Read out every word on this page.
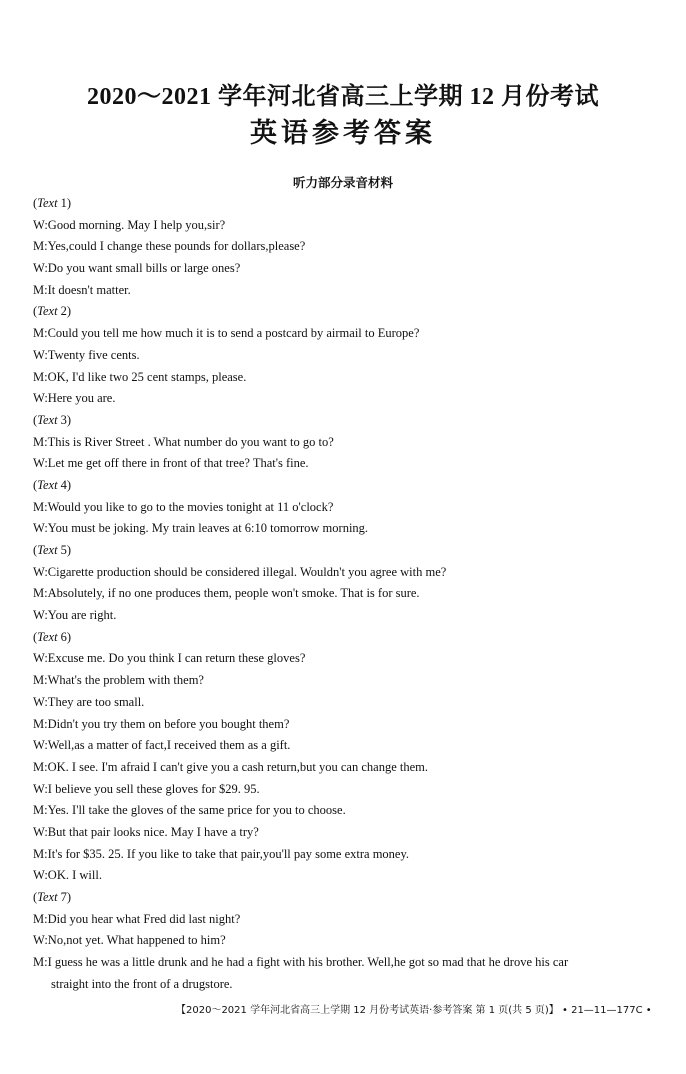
2020～2021 学年河北省高三上学期 12 月份考试
英语参考答案
听力部分录音材料
(Text 1)
W:Good morning. May I help you,sir?
M:Yes,could I change these pounds for dollars,please?
W:Do you want small bills or large ones?
M:It doesn't matter.
(Text 2)
M:Could you tell me how much it is to send a postcard by airmail to Europe?
W:Twenty five cents.
M:OK, I'd like two 25 cent stamps, please.
W:Here you are.
(Text 3)
M:This is River Street . What number do you want to go to?
W:Let me get off there in front of that tree? That's fine.
(Text 4)
M:Would you like to go to the movies tonight at 11 o'clock?
W:You must be joking. My train leaves at 6:10 tomorrow morning.
(Text 5)
W:Cigarette production should be considered illegal. Wouldn't you agree with me?
M:Absolutely, if no one produces them, people won't smoke. That is for sure.
W:You are right.
(Text 6)
W:Excuse me. Do you think I can return these gloves?
M:What's the problem with them?
W:They are too small.
M:Didn't you try them on before you bought them?
W:Well,as a matter of fact,I received them as a gift.
M:OK. I see. I'm afraid I can't give you a cash return,but you can change them.
W:I believe you sell these gloves for $29. 95.
M:Yes. I'll take the gloves of the same price for you to choose.
W:But that pair looks nice. May I have a try?
M:It's for $35. 25. If you like to take that pair,you'll pay some extra money.
W:OK. I will.
(Text 7)
M:Did you hear what Fred did last night?
W:No,not yet. What happened to him?
M:I guess he was a little drunk and he had a fight with his brother. Well,he got so mad that he drove his car
straight into the front of a drugstore.
【2020～2021 学年河北省高三上学期 12 月份考试英语·参考答案 第 1 页(共 5 页)】 • 21—11—177C •
